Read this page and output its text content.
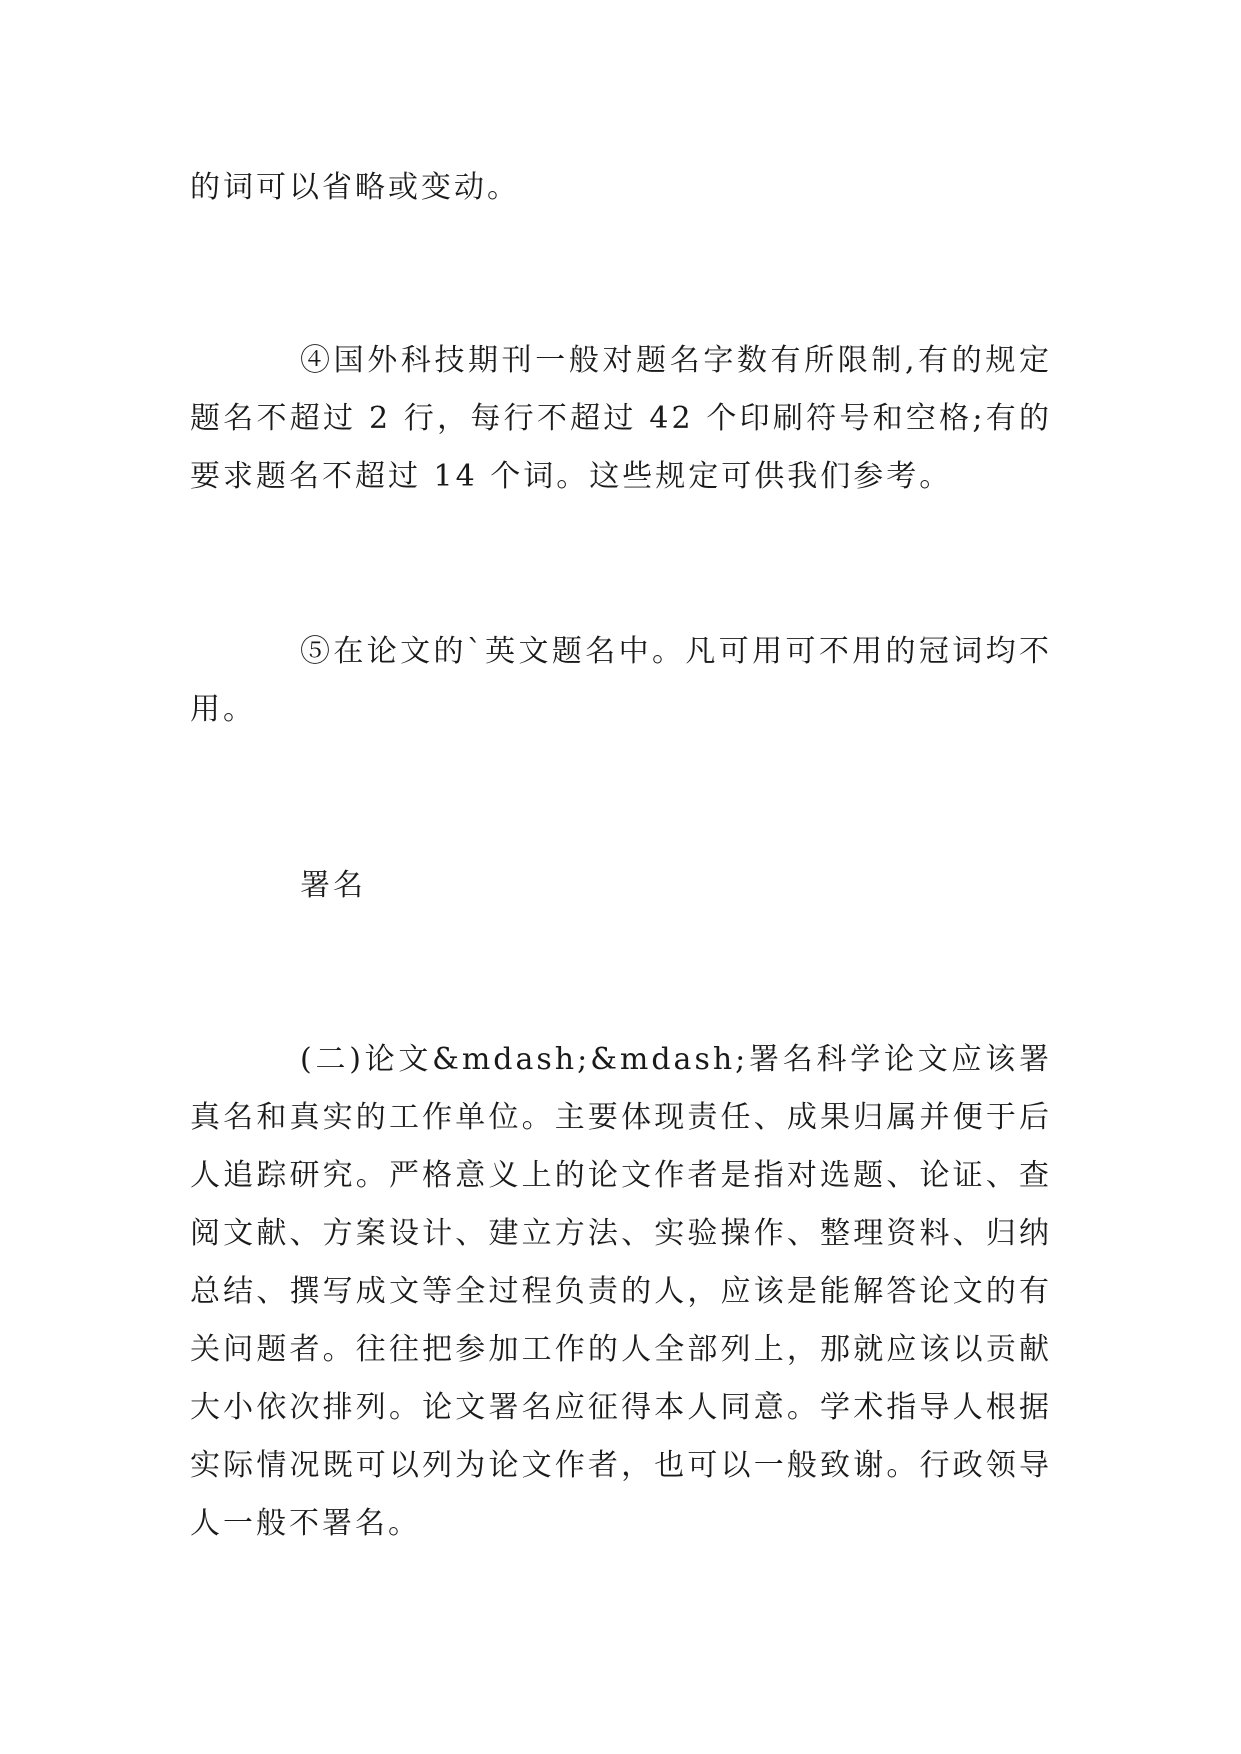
的词可以省略或变动。

④国外科技期刊一般对题名字数有所限制,有的规定题名不超过 2 行，每行不超过 42 个印刷符号和空格;有的要求题名不超过 14 个词。这些规定可供我们参考。

⑤在论文的`英文题名中。凡可用可不用的冠词均不用。

署名

(二)论文&mdash;&mdash;署名科学论文应该署真名和真实的工作单位。主要体现责任、成果归属并便于后人追踪研究。严格意义上的论文作者是指对选题、论证、查阅文献、方案设计、建立方法、实验操作、整理资料、归纳总结、撰写成文等全过程负责的人，应该是能解答论文的有关问题者。往往把参加工作的人全部列上，那就应该以贡献大小依次排列。论文署名应征得本人同意。学术指导人根据实际情况既可以列为论文作者，也可以一般致谢。行政领导人一般不署名。
